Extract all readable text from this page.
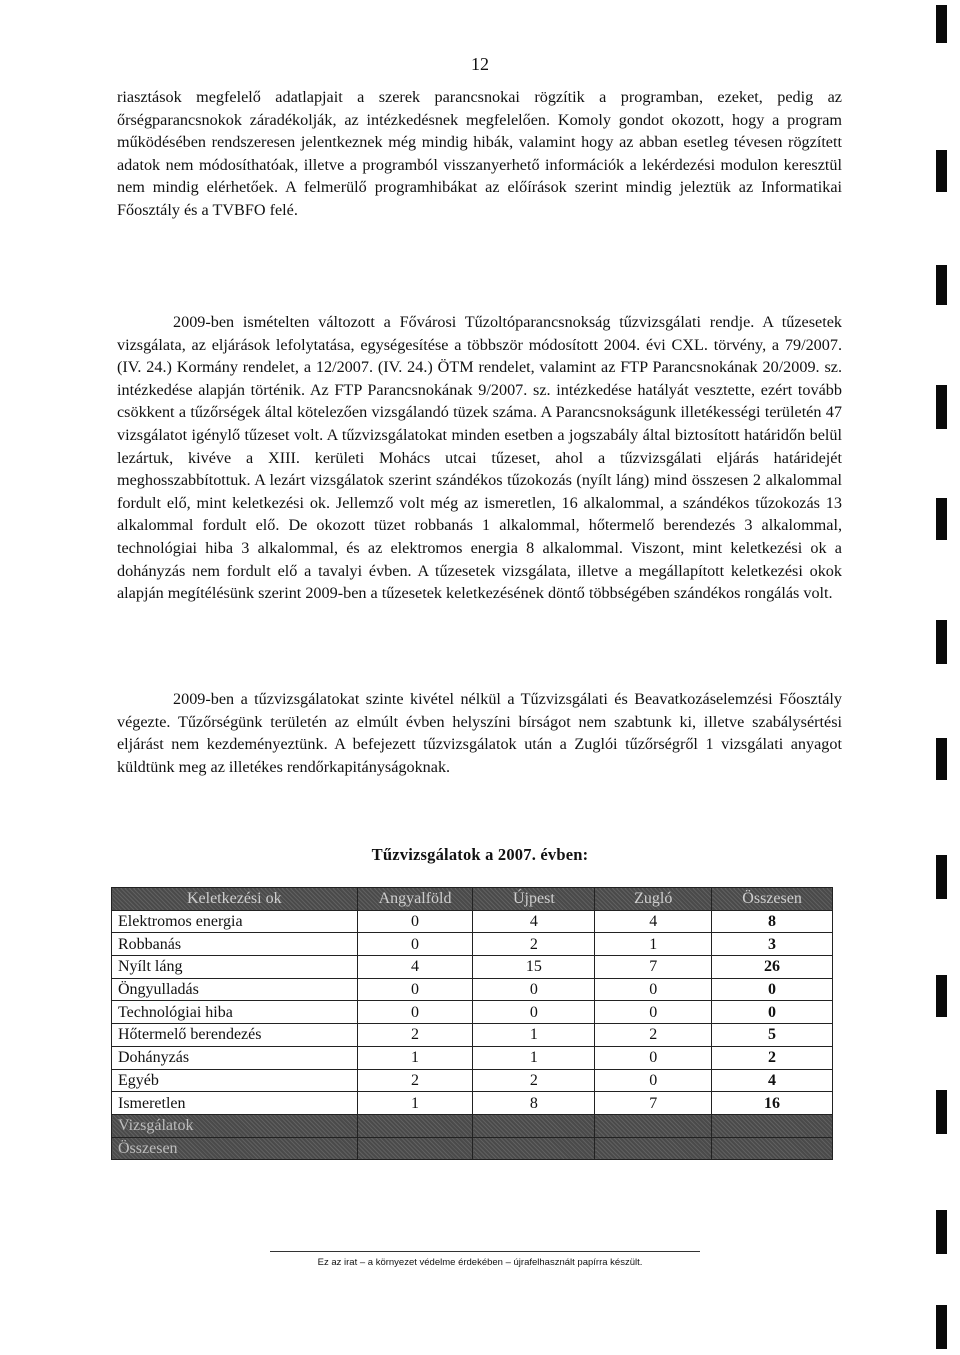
12

riasztások megfelelő adatlapjait a szerek parancsnokai rögzítik a programban, ezeket, pedig az őrségparancsnokok záradékolják, az intézkedésnek megfelelően. Komoly gondot okozott, hogy a program működésében rendszeresen jelentkeznek még mindig hibák, valamint hogy az abban esetleg tévesen rögzített adatok nem módosíthatóak, illetve a programból visszanyerhető információk a lekérdezési modulon keresztül nem mindig elérhetőek. A felmerülő programhibákat az előírások szerint mindig jeleztük az Informatikai Főosztály és a TVBFO felé.

2009-ben ismételten változott a Fővárosi Tűzoltóparancsnokság tűzvizsgálati rendje. A tűzesetek vizsgálata, az eljárások lefolytatása, egységesítése a többször módosított 2004. évi CXL. törvény, a 79/2007. (IV. 24.) Kormány rendelet, a 12/2007. (IV. 24.) ÖTM rendelet, valamint az FTP Parancsnokának 20/2009. sz. intézkedése alapján történik. Az FTP Parancsnokának 9/2007. sz. intézkedése hatályát vesztette, ezért tovább csökkent a tűzőrségek által kötelezően vizsgálandó tüzek száma. A Parancsnokságunk illetékességi területén 47 vizsgálatot igénylő tűzeset volt. A tűzvizsgálatokat minden esetben a jogszabály által biztosított határidőn belül lezártuk, kivéve a XIII. kerületi Mohács utcai tűzeset, ahol a tűzvizsgálati eljárás határidejét meghosszabbítottuk. A lezárt vizsgálatok szerint szándékos tűzokozás (nyílt láng) mind összesen 2 alkalommal fordult elő, mint keletkezési ok. Jellemző volt még az ismeretlen, 16 alkalommal, a szándékos tűzokozás 13 alkalommal fordult elő. De okozott tüzet robbanás 1 alkalommal, hőtermelő berendezés 3 alkalommal, technológiai hiba 3 alkalommal, és az elektromos energia 8 alkalommal. Viszont, mint keletkezési ok a dohányzás nem fordult elő a tavalyi évben. A tűzesetek vizsgálata, illetve a megállapított keletkezési okok alapján megítélésünk szerint 2009-ben a tűzesetek keletkezésének döntő többségében szándékos rongálás volt.

2009-ben a tűzvizsgálatokat szinte kivétel nélkül a Tűzvizsgálati és Beavatkozáselemzési Főosztály végezte. Tűzőrségünk területén az elmúlt évben helyszíni bírságot nem szabtunk ki, illetve szabálysértési eljárást nem kezdeményeztünk. A befejezett tűzvizsgálatok után a Zuglói tűzőrségről 1 vizsgálati anyagot küldtünk meg az illetékes rendőrkapitányságoknak.

Tűzvizsgálatok a 2007. évben:
Keletkezési ok	Angyalföld	Újpest	Zugló	Összesen
Elektromos energia	0	4	4	8
Robbanás	0	2	1	3
Nyílt láng	4	15	7	26
Öngyulladás	0	0	0	0
Technológiai hiba	0	0	0	0
Hőtermelő berendezés	2	1	2	5
Dohányzás	1	1	0	2
Egyéb	2	2	0	4
Ismeretlen	1	8	7	16
Vizsgálatok				
Összesen				
Ez az irat – a környezet védelme érdekében – újrafelhasznált papírra készült.
